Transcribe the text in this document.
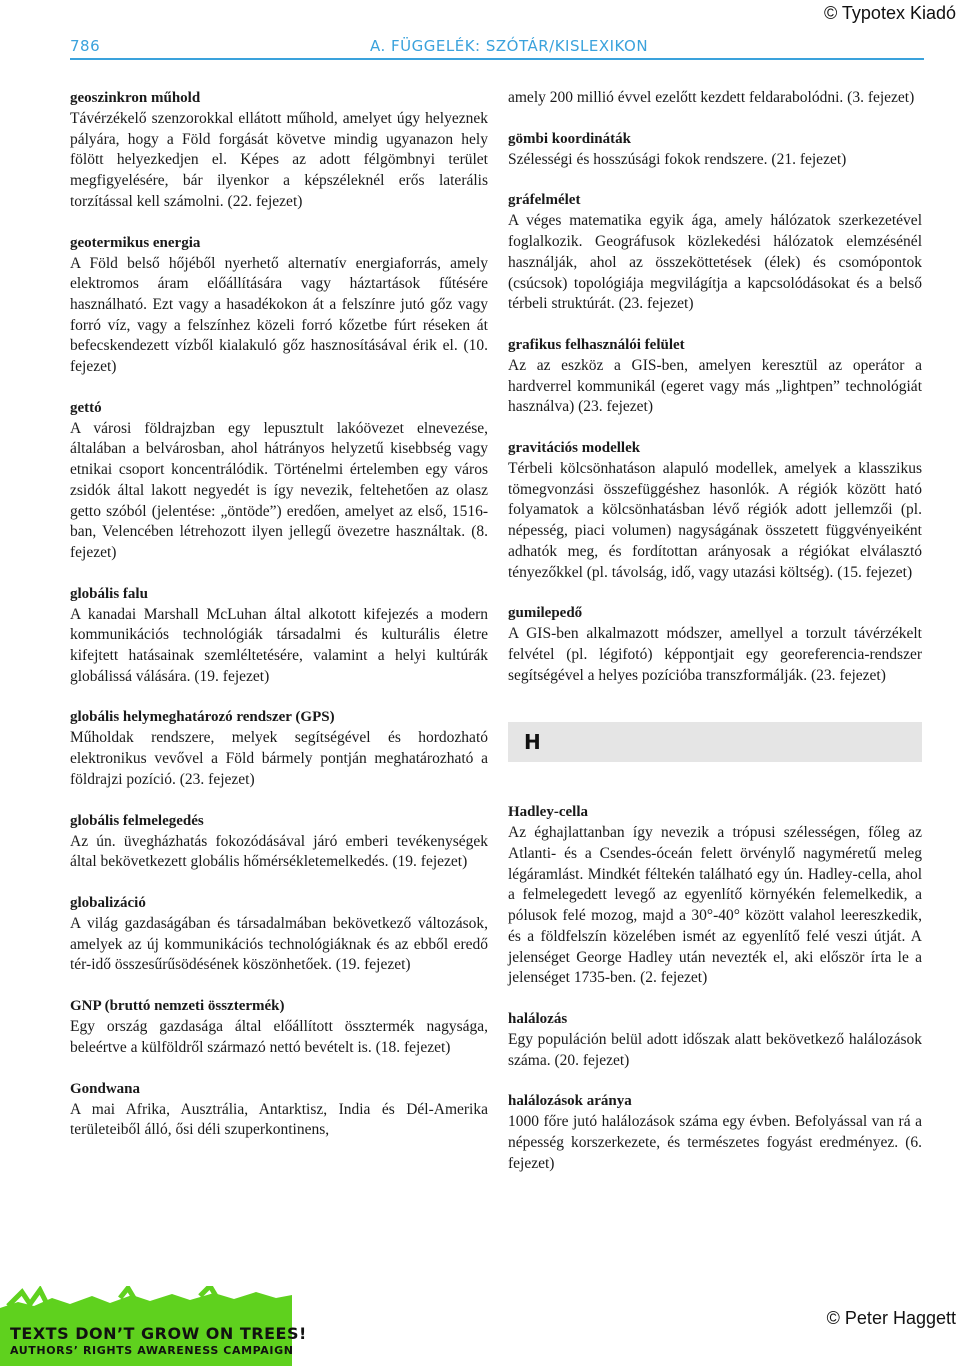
© Typotex Kiadó
786	A. FÜGGELÉK: SZÓTÁR/KISLEXIKON
geoszinkron műhold
Távérzékelő szenzorokkal ellátott műhold, amelyet úgy helyeznek pályára, hogy a Föld forgását követve mindig ugyanazon hely fölött helyezkedjen el. Képes az adott félgömbnyi terület megfigyelésére, bár ilyenkor a képszéleknél erős laterális torzítással kell számolni. (22. fejezet)
geotermikus energia
A Föld belső hőjéből nyerhető alternatív energiaforrás, amely elektromos áram előállítására vagy háztartások fűtésére használható. Ezt vagy a hasadékokon át a felszínre jutó gőz vagy forró víz, vagy a felszínhez közeli forró kőzetbe fúrt réseken át befecskendezett vízből kialakuló gőz hasznosításával érik el. (10. fejezet)
gettó
A városi földrajzban egy lepusztult lakóövezet elnevezése, általában a belvárosban, ahol hátrányos helyzetű kisebbség vagy etnikai csoport koncentrálódik. Történelmi értelemben egy város zsidók által lakott negyedét is így nevezik, feltehetően az olasz getto szóból (jelentése: „öntöde”) eredően, amelyet az első, 1516-ban, Velencében létrehozott ilyen jellegű övezetre használtak. (8. fejezet)
globális falu
A kanadai Marshall McLuhan által alkotott kifejezés a modern kommunikációs technológiák társadalmi és kulturális életre kifejtett hatásainak szemléltetésére, valamint a helyi kultúrák globálissá válására. (19. fejezet)
globális helymeghatározó rendszer (GPS)
Műholdak rendszere, melyek segítségével és hordozható elektronikus vevővel a Föld bármely pontján meghatározható a földrajzi pozíció. (23. fejezet)
globális felmelegedés
Az ún. üvegházhatás fokozódásával járó emberi tevékenységek által bekövetkezett globális hőmérsékletemelkedés. (19. fejezet)
globalizáció
A világ gazdaságában és társadalmában bekövetkező változások, amelyek az új kommunikációs technológiáknak és az ebből eredő tér-idő összesűrűsödésének köszönhetőek. (19. fejezet)
GNP (bruttó nemzeti össztermék)
Egy ország gazdasága által előállított össztermék nagysága, beleértve a külföldről származó nettó bevételt is. (18. fejezet)
Gondwana
A mai Afrika, Ausztrália, Antarktisz, India és Dél-Amerika területeiből álló, ősi déli szuperkontinens,
amely 200 millió évvel ezelőtt kezdett feldarabolódni. (3. fejezet)
gömbi koordináták
Szélességi és hosszúsági fokok rendszere. (21. fejezet)
gráfelmélet
A véges matematika egyik ága, amely hálózatok szerkezetével foglalkozik. Geográfusok közlekedési hálózatok elemzésénél használják, ahol az összeköttetések (élek) és csomópontok (csúcsok) topológiája megvilágítja a kapcsolódásokat és a belső térbeli struktúrát. (23. fejezet)
grafikus felhasználói felület
Az az eszköz a GIS-ben, amelyen keresztül az operátor a hardverrel kommunikál (egeret vagy más „lightpen” technológiát használva) (23. fejezet)
gravitációs modellek
Térbeli kölcsönhatáson alapuló modellek, amelyek a klasszikus tömegvonzási összefüggéshez hasonlók. A régiók között ható folyamatok a kölcsönhatásban lévő régiók adott jellemzői (pl. népesség, piaci volumen) nagyságának összetett függvényeiként adhatók meg, és fordítottan arányosak a régiókat elválasztó tényezőkkel (pl. távolság, idő, vagy utazási költség). (15. fejezet)
gumilepedő
A GIS-ben alkalmazott módszer, amellyel a torzult távérzékelt felvétel (pl. légifotó) képpontjait egy georeferencia-rendszer segítségével a helyes pozícióba transzformálják. (23. fejezet)
H
Hadley-cella
Az éghajlattanban így nevezik a trópusi szélességen, főleg az Atlanti- és a Csendes-óceán felett örvénylő nagyméretű meleg légáramlást. Mindkét féltekén található egy ún. Hadley-cella, ahol a felmelegedett levegő az egyenlítő környékén felemelkedik, a pólusok felé mozog, majd a 30°-40° között valahol leereszkedik, és a földfelszín közelében ismét az egyenlítő felé veszi útját. A jelenséget George Hadley után nevezték el, aki először írta le a jelenséget 1735-ben. (2. fejezet)
halálozás
Egy populáción belül adott időszak alatt bekövetkező halálozások száma. (20. fejezet)
halálozások aránya
1000 főre jutó halálozások száma egy évben. Befolyással van rá a népesség korszerkezete, és természetes fogyást eredményez. (6. fejezet)
© Peter Haggett
TEXTS DON’T GROW ON TREES!
AUTHORS’ RIGHTS AWARENESS CAMPAIGN
